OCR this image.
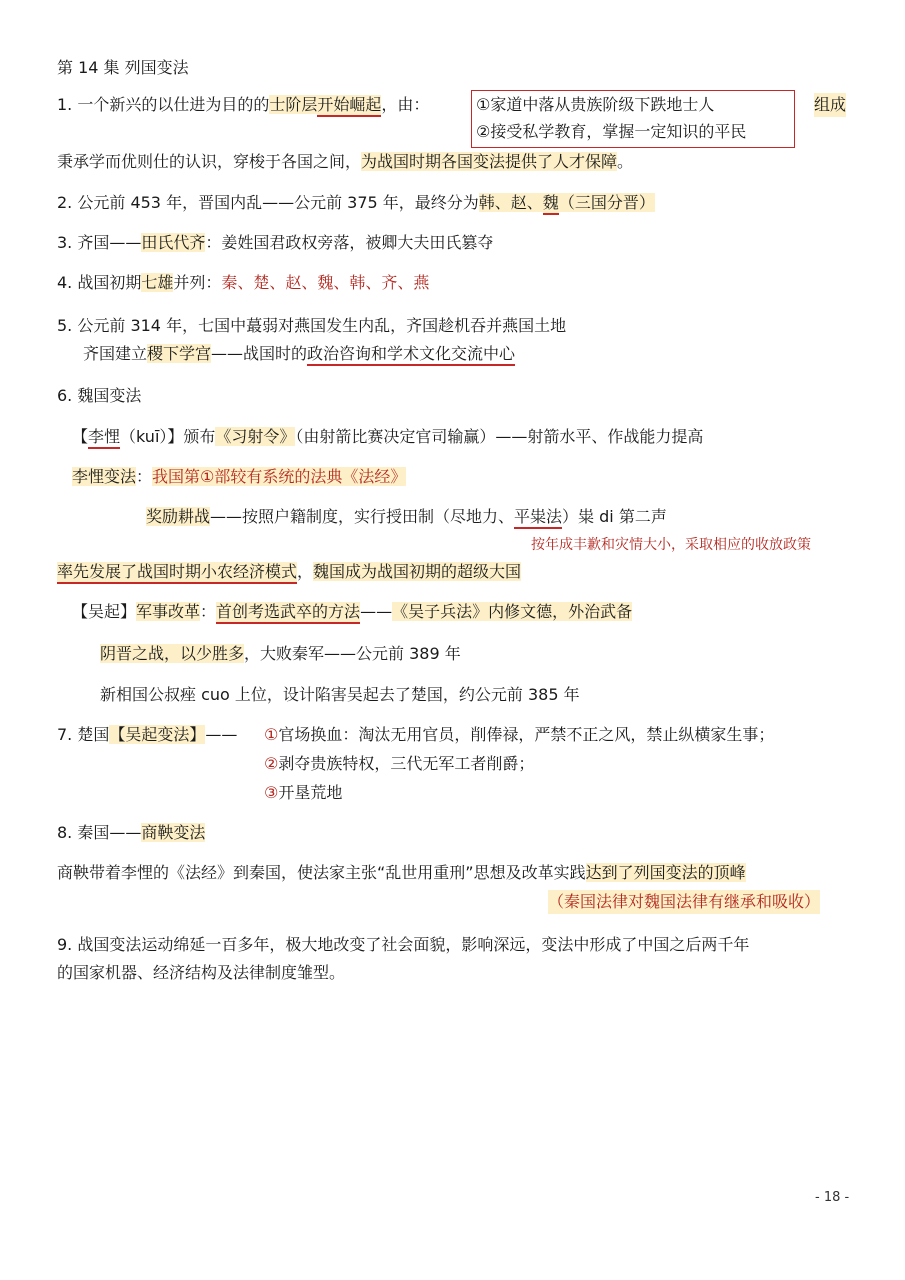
第 14 集 列国变法
1. 一个新兴的以仕进为目的的士阶层开始崛起，由：	①家道中落从贵族阶级下跌地士人
②接受私学教育，掌握一定知识的平民
组成
秉承学而优则仕的认识，穿梭于各国之间，为战国时期各国变法提供了人才保障。
2. 公元前 453 年，晋国内乱——公元前 375 年，最终分为韩、赵、魏（三国分晋）
3. 齐国——田氏代齐：姜姓国君政权旁落，被卿大夫田氏篡夺
4. 战国初期七雄并列：秦、楚、赵、魏、韩、齐、燕
5. 公元前 314 年，七国中蕞弱对燕国发生内乱，齐国趁机吞并燕国土地
齐国建立稷下学宫——战国时的政治咨询和学术文化交流中心
6. 魏国变法
【李悝（kuī）】颁布《习射令》（由射箭比赛决定官司输赢）——射箭水平、作战能力提高
李悝变法：我国第①部较有系统的法典《法经》
奖励耕战——按照户籍制度，实行授田制（尽地力、平粜法）粜 di 第二声
按年成丰歉和灾情大小，采取相应的收放政策
率先发展了战国时期小农经济模式，魏国成为战国初期的超级大国
【吴起】军事改革：首创考选武卒的方法——《吴子兵法》内修文德，外治武备
阴晋之战，以少胜多，大败秦军——公元前 389 年
新相国公叔痤 cuo 上位，设计陷害吴起去了楚国，约公元前 385 年
7. 楚国【吴起变法】—— ①官场换血：淘汰无用官员，削俸禄，严禁不正之风，禁止纵横家生事；
②剥夺贵族特权，三代无军工者削爵；
③开垦荒地
8. 秦国——商鞅变法
商鞅带着李悝的《法经》到秦国，使法家主张“乱世用重刑”思想及改革实践达到了列国变法的顶峰
（秦国法律对魏国法律有继承和吸收）
9. 战国变法运动绵延一百多年，极大地改变了社会面貌，影响深远，变法中形成了中国之后两千年
的国家机器、经济结构及法律制度雏型。
- 18 -
